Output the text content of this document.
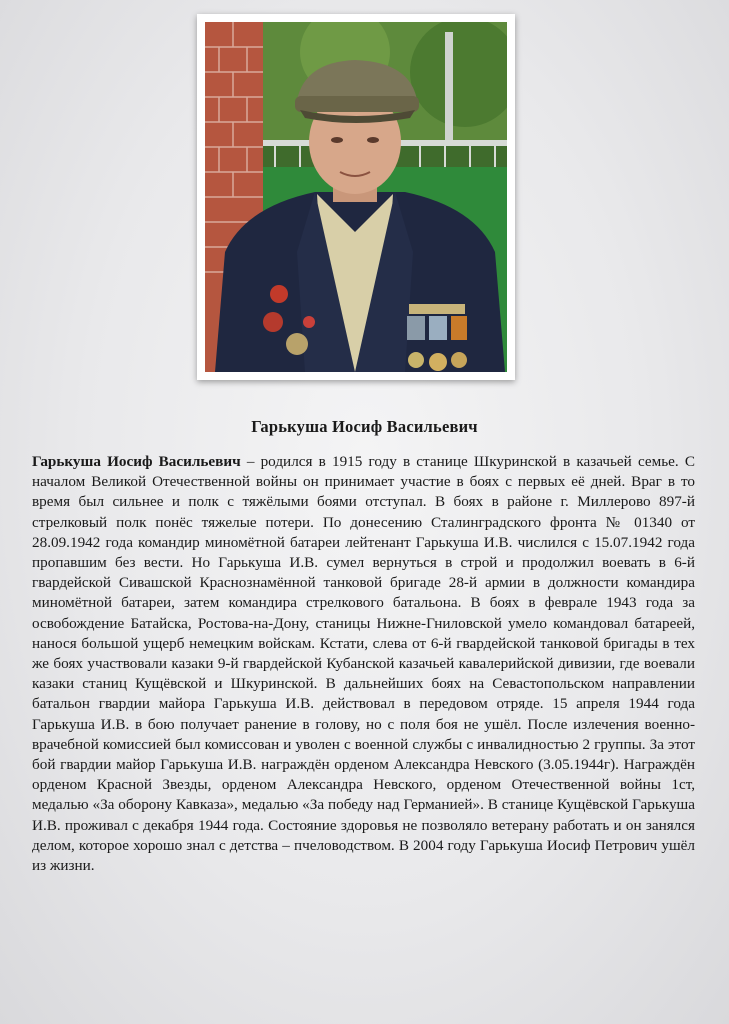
Гарькуша Иосиф Васильевич

Гарькуша Иосиф Васильевич – родился в 1915 году в станице Шкуринской в казачьей семье. С началом Великой Отечественной войны он принимает участие в боях с первых её дней. Враг в то время был сильнее и полк с тяжёлыми боями отступал. В боях в районе г. Миллерово 897-й стрелковый полк понёс тяжелые потери. По донесению Сталинградского фронта № 01340 от 28.09.1942 года командир миномётной батареи лейтенант Гарькуша И.В. числился с 15.07.1942 года пропавшим без вести. Но Гарькуша И.В. сумел вернуться в строй и продолжил воевать в 6-й гвардейской Сивашской Краснознамённой танковой бригаде 28-й армии в должности командира миномётной батареи, затем командира стрелкового батальона. В боях в феврале 1943 года за освобождение Батайска, Ростова-на-Дону, станицы Нижне-Гниловской умело командовал батареей, нанося большой ущерб немецким войскам. Кстати, слева от 6-й гвардейской танковой бригады в тех же боях участвовали казаки 9-й гвардейской Кубанской казачьей кавалерийской дивизии, где воевали казаки станиц Кущёвской и Шкуринской. В дальнейших боях на Севастопольском направлении батальон гвардии майора Гарькуша И.В. действовал в передовом отряде. 15 апреля 1944 года Гарькуша И.В. в бою получает ранение в голову, но с поля боя не ушёл. После излечения военно-врачебной комиссией был комиссован и уволен с военной службы с инвалидностью 2 группы. За этот бой гвардии майор Гарькуша И.В. награждён орденом Александра Невского (3.05.1944г). Награждён орденом Красной Звезды, орденом Александра Невского, орденом Отечественной войны 1ст, медалью «За оборону Кавказа», медалью «За победу над Германией». В станице Кущёвской Гарькуша И.В. проживал с декабря 1944 года. Состояние здоровья не позволяло ветерану работать и он занялся делом, которое хорошо знал с детства – пчеловодством. В 2004 году Гарькуша Иосиф Петрович ушёл из жизни.
